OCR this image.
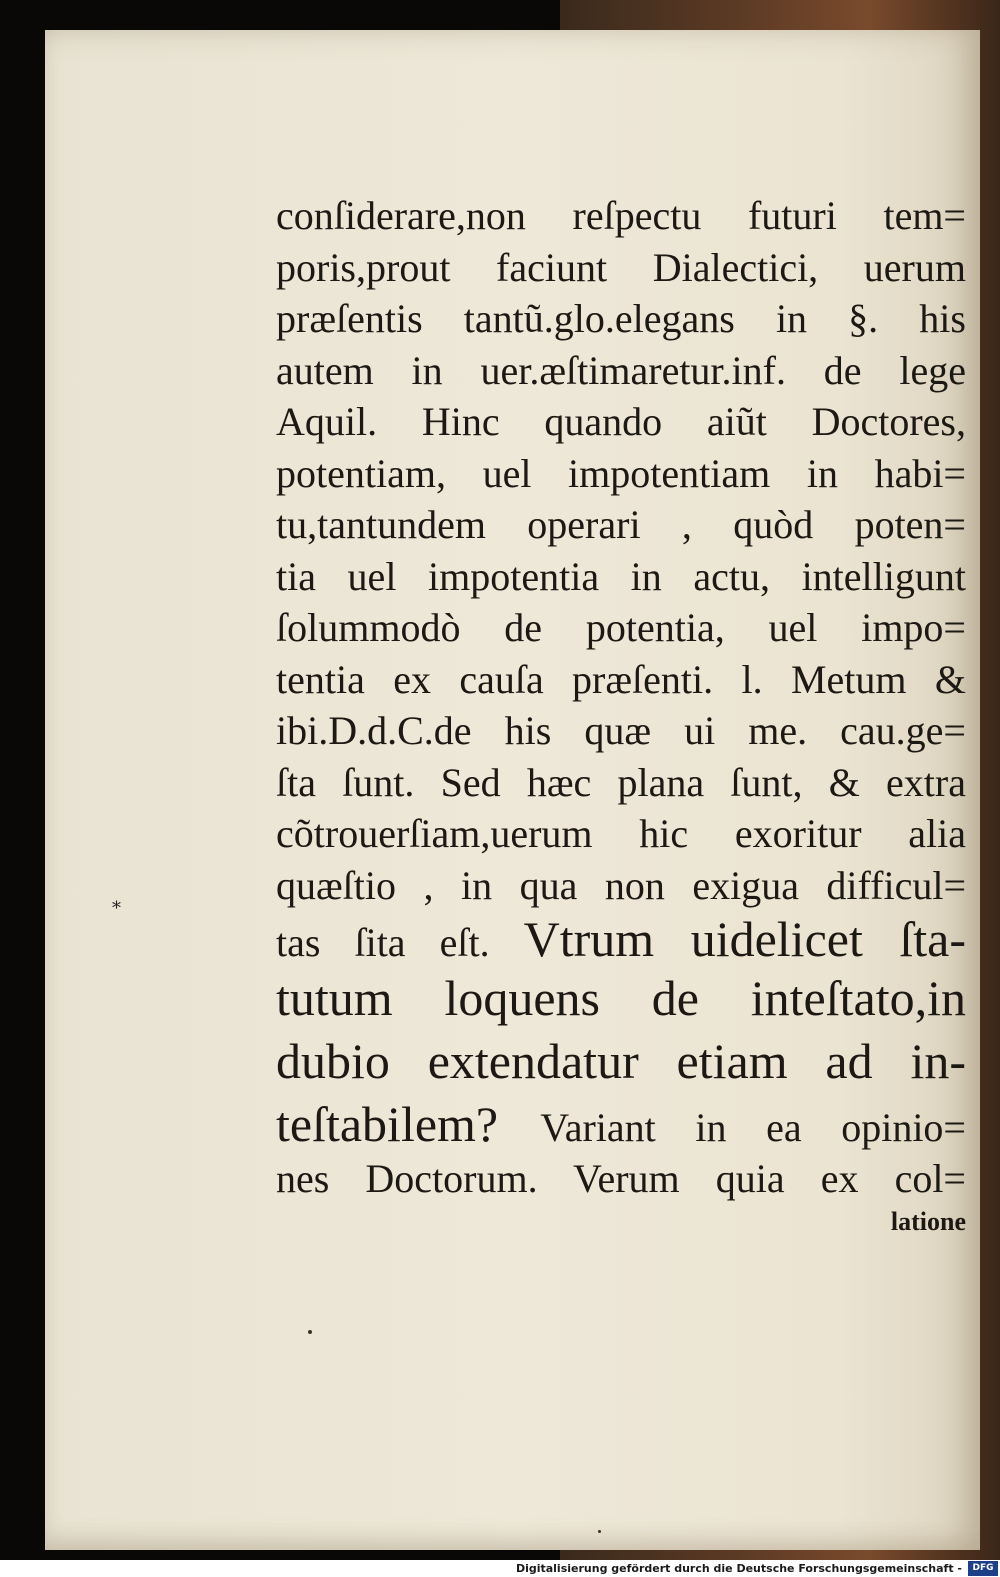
*
conſiderare,non reſpectu futuri tem=
poris,prout faciunt Dialectici, uerum
præſentis tantũ.glo.elegans in §. his
autem in uer.æſtimaretur.inf. de lege
Aquil. Hinc quando aiũt Doctores,
potentiam, uel impotentiam in habi=
tu,tantundem operari , quòd poten=
tia uel impotentia in actu, intelligunt
ſolummodò de potentia, uel impo=
tentia ex cauſa præſenti. l. Metum &
ibi.D.d.C.de his quæ ui me. cau.ge=
ſta ſunt. Sed hæc plana ſunt, & extra
cõtrouerſiam,uerum hic exoritur alia
quæſtio , in qua non exigua difficul=
tas ſita eſt. Vtrum uidelicet ſta-
tutum loquens de inteſtato,in
dubio extendatur etiam ad in-
teſtabilem? Variant in ea opinio=
nes Doctorum. Verum quia ex col=
latione
Digitalisierung gefördert durch die Deutsche Forschungsgemeinschaft -	DFG
